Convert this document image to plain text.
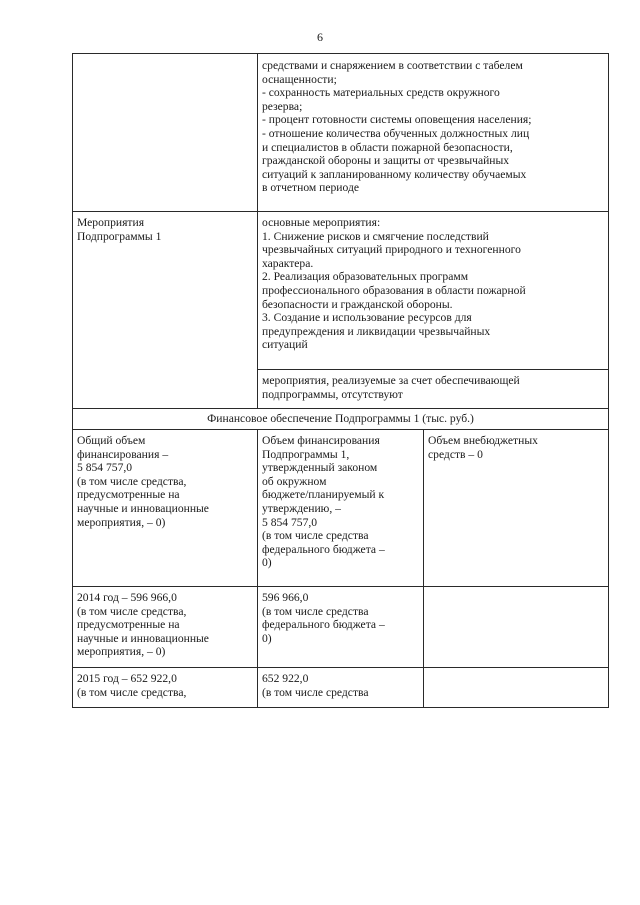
6
средствами и снаряжением в соответствии с табелем
оснащенности;
- сохранность материальных средств окружного
резерва;
- процент готовности системы оповещения населения;
- отношение количества обученных должностных лиц
и специалистов в области пожарной безопасности,
гражданской обороны и защиты от чрезвычайных
ситуаций к запланированному количеству обучаемых
в отчетном периоде
Мероприятия
Подпрограммы 1
основные мероприятия:
1. Снижение рисков и смягчение последствий
чрезвычайных ситуаций природного и техногенного
характера.
2. Реализация образовательных программ
профессионального образования в области пожарной
безопасности и гражданской обороны.
3. Создание и использование ресурсов для
предупреждения и ликвидации чрезвычайных
ситуаций
мероприятия, реализуемые за счет обеспечивающей
подпрограммы, отсутствуют
Финансовое обеспечение Подпрограммы 1 (тыс. руб.)
Общий объем
финансирования –
5 854 757,0
(в том числе средства,
предусмотренные на
научные и инновационные
мероприятия, – 0)
Объем финансирования
Подпрограммы 1,
утвержденный законом
об окружном
бюджете/планируемый к
утверждению, –
5 854 757,0
(в том числе средства
федерального бюджета –
0)
Объем внебюджетных
средств – 0
2014 год – 596 966,0
(в том числе средства,
предусмотренные на
научные и инновационные
мероприятия, – 0)
596 966,0
(в том числе средства
федерального бюджета –
0)
2015 год – 652 922,0
(в том числе средства,
652 922,0
(в том числе средства
